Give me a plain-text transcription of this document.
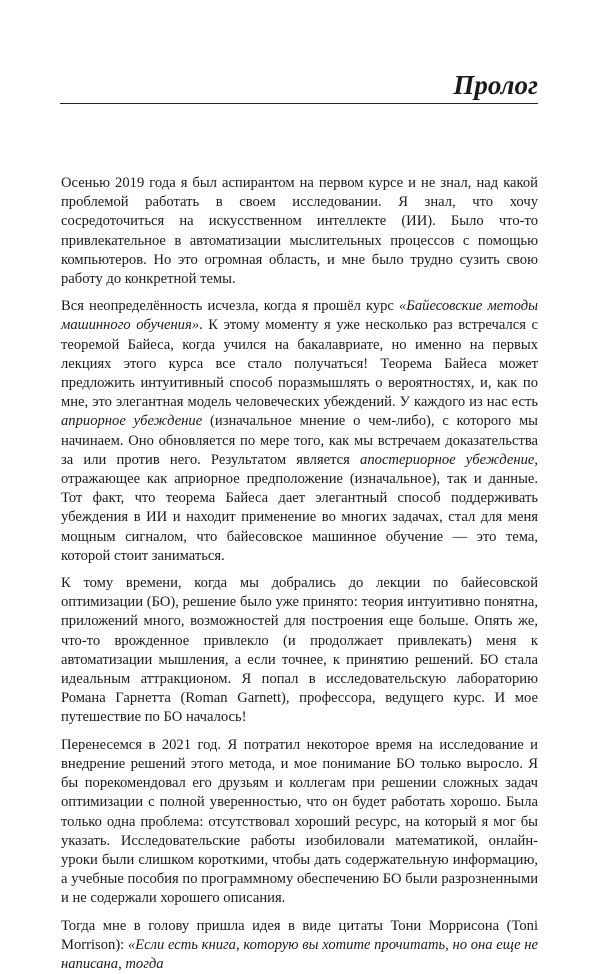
Пролог

Осенью 2019 года я был аспирантом на первом курсе и не знал, над какой проблемой работать в своем исследовании. Я знал, что хочу сосредоточиться на искусственном интеллекте (ИИ). Было что-то привлекательное в автоматизации мыслительных процессов с помощью компьютеров. Но это огромная область, и мне было трудно сузить свою работу до конкретной темы.

Вся неопределённость исчезла, когда я прошёл курс «Байесовские методы машинного обучения». К этому моменту я уже несколько раз встречался с теоремой Байеса, когда учился на бакалавриате, но именно на первых лекциях этого курса все стало получаться! Теорема Байеса может предложить интуитивный способ поразмышлять о вероятностях, и, как по мне, это элегантная модель человеческих убеждений. У каждого из нас есть априорное убеждение (изначальное мнение о чем-либо), с которого мы начинаем. Оно обновляется по мере того, как мы встречаем доказательства за или против него. Результатом является апостериорное убеждение, отражающее как априорное предположение (изначальное), так и данные. Тот факт, что теорема Байеса дает элегантный способ поддерживать убеждения в ИИ и находит применение во многих задачах, стал для меня мощным сигналом, что байесовское машинное обучение — это тема, которой стоит заниматься.

К тому времени, когда мы добрались до лекции по байесовской оптимизации (БО), решение было уже принято: теория интуитивно понятна, приложений много, возможностей для построения еще больше. Опять же, что-то врожденное привлекло (и продолжает привлекать) меня к автоматизации мышления, а если точнее, к принятию решений. БО стала идеальным аттракционом. Я попал в исследовательскую лабораторию Романа Гарнетта (Roman Garnett), профессора, ведущего курс. И мое путешествие по БО началось!

Перенесемся в 2021 год. Я потратил некоторое время на исследование и внедрение решений этого метода, и мое понимание БО только выросло. Я бы порекомендовал его друзьям и коллегам при решении сложных задач оптимизации с полной уверенностью, что он будет работать хорошо. Была только одна проблема: отсутствовал хороший ресурс, на который я мог бы указать. Исследовательские работы изобиловали математикой, онлайн-уроки были слишком короткими, чтобы дать содержательную информацию, а учебные пособия по программному обеспечению БО были разрозненными и не содержали хорошего описания.

Тогда мне в голову пришла идея в виде цитаты Тони Моррисона (Toni Morrison): «Если есть книга, которую вы хотите прочитать, но она еще не написана, тогда
